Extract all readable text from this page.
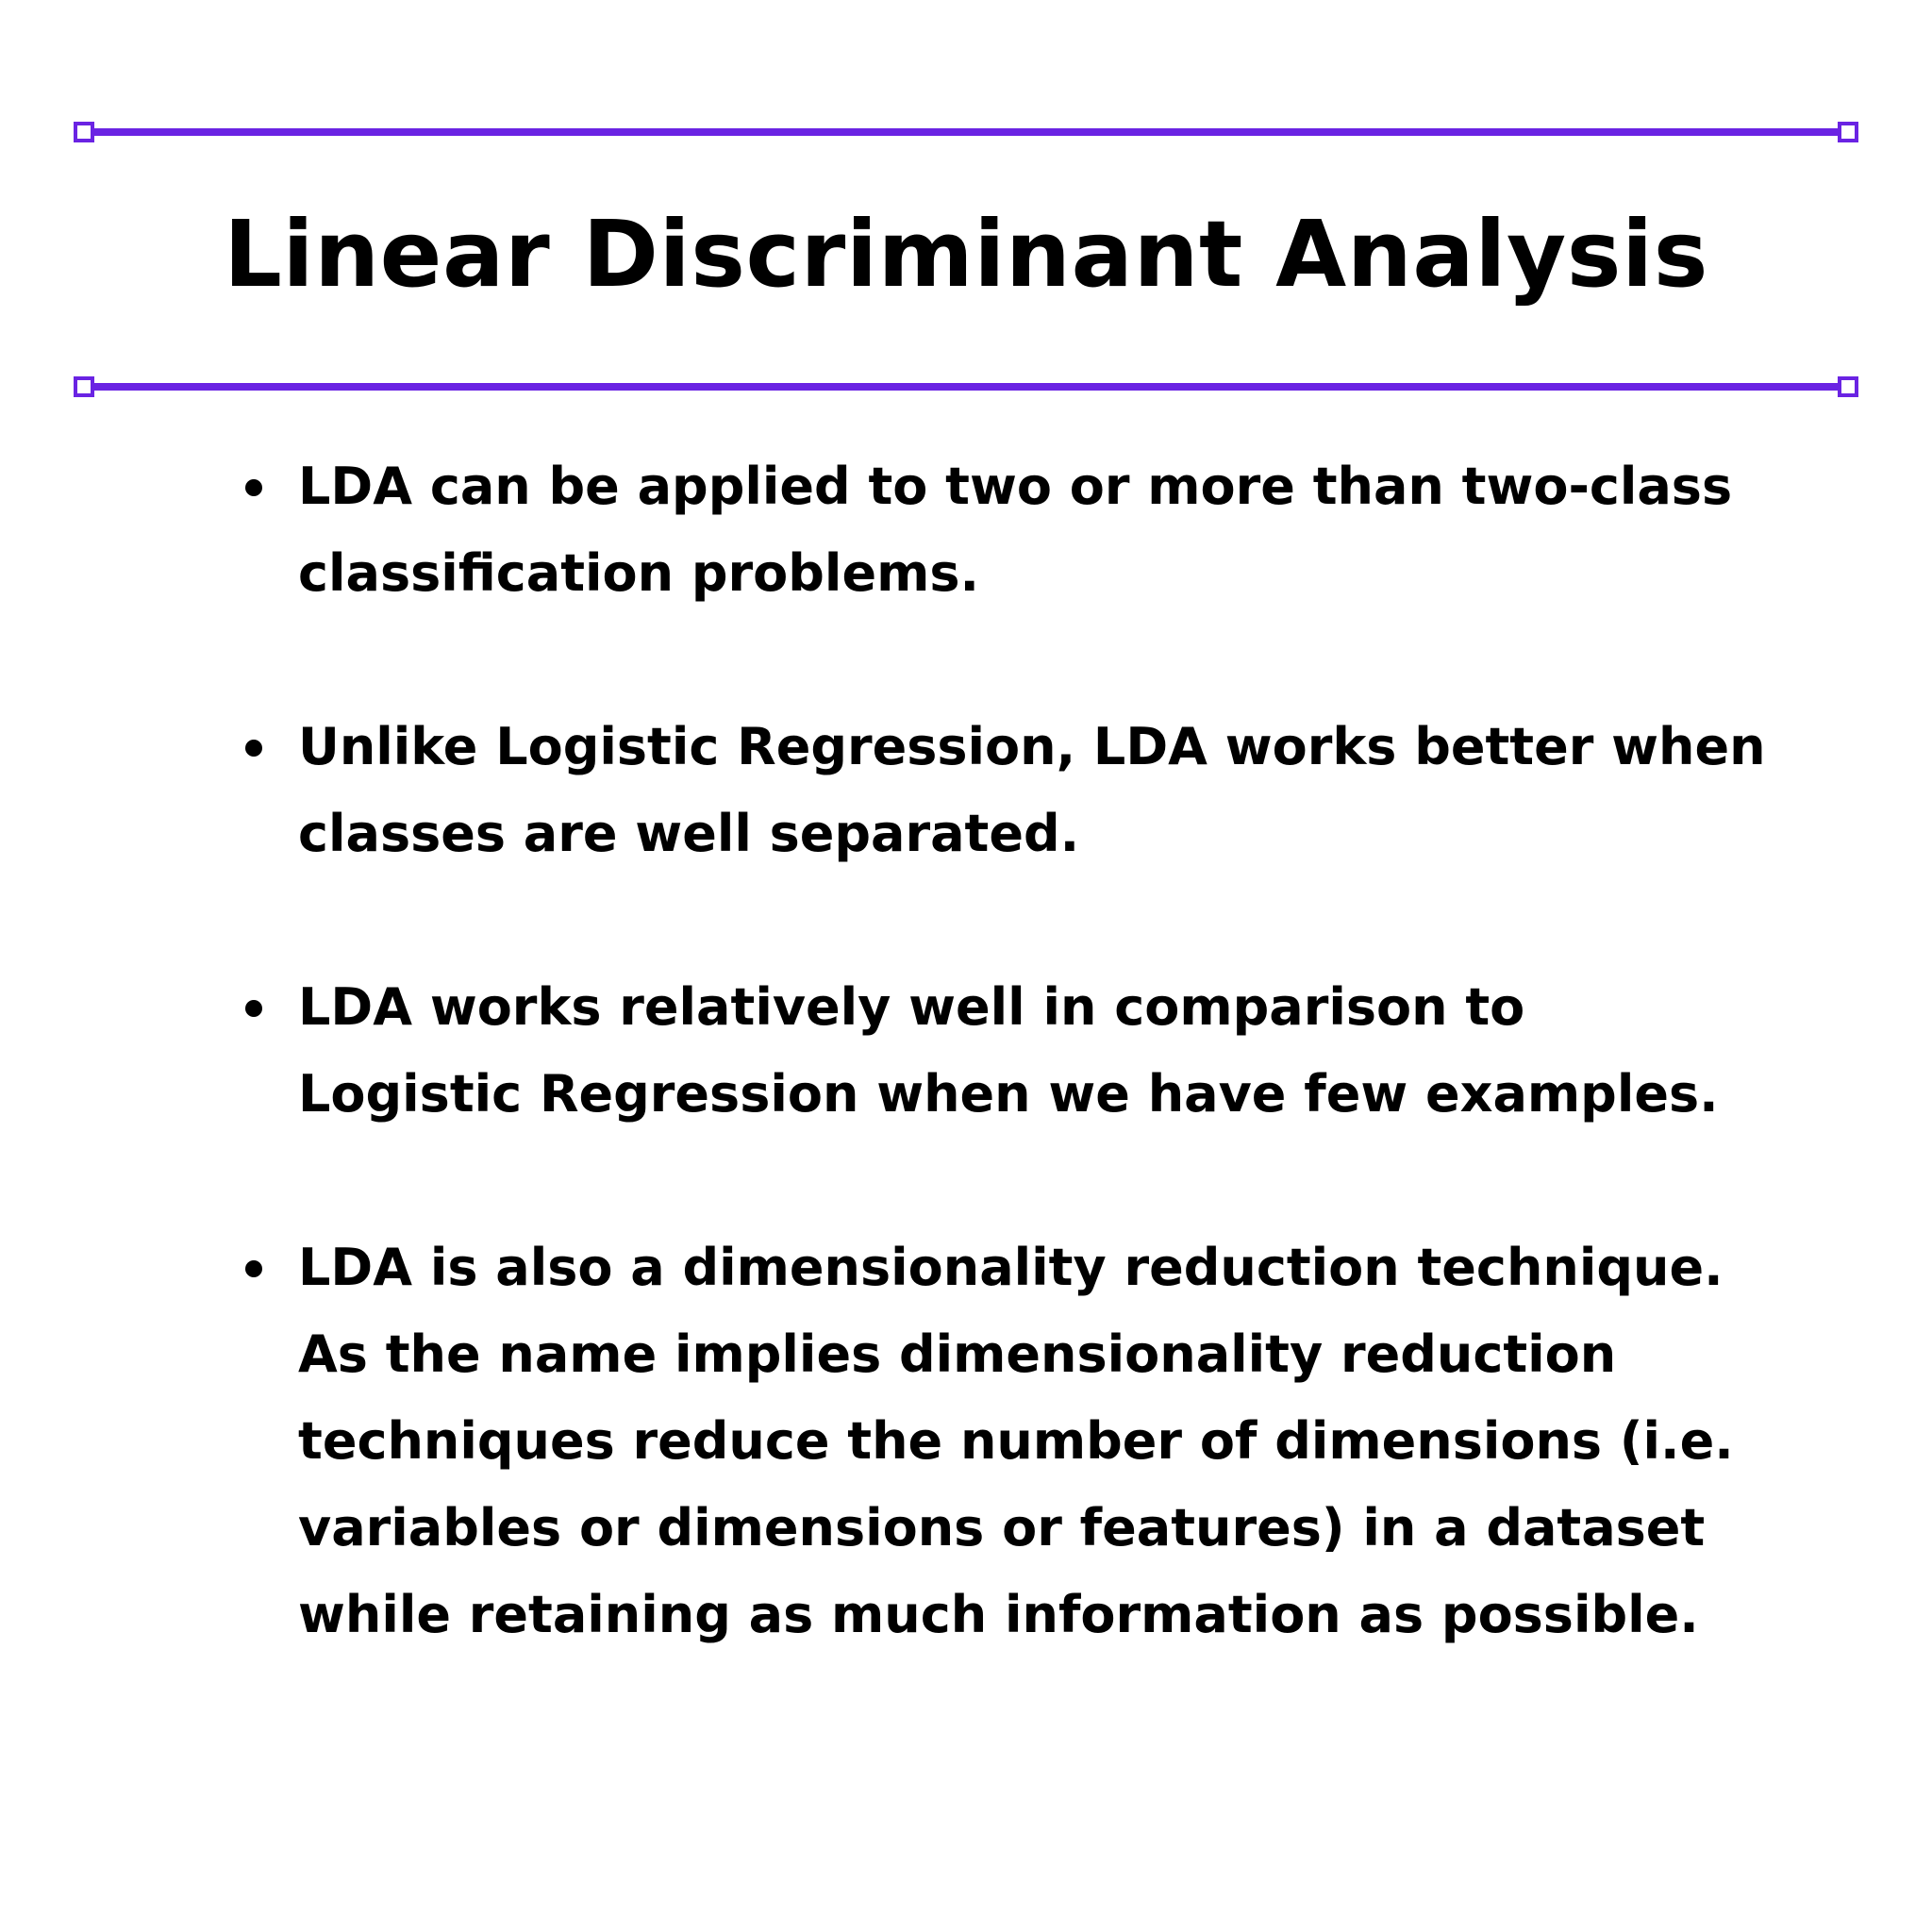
Linear Discriminant Analysis
LDA can be applied to two or more than two-class
classification problems.
Unlike Logistic Regression, LDA works better when
classes are well separated.
LDA works relatively well in comparison to
Logistic Regression when we have few examples.
LDA is also a dimensionality reduction technique.
As the name implies dimensionality reduction
techniques reduce the number of dimensions (i.e.
variables or dimensions or features) in a dataset
while retaining as much information as possible.
